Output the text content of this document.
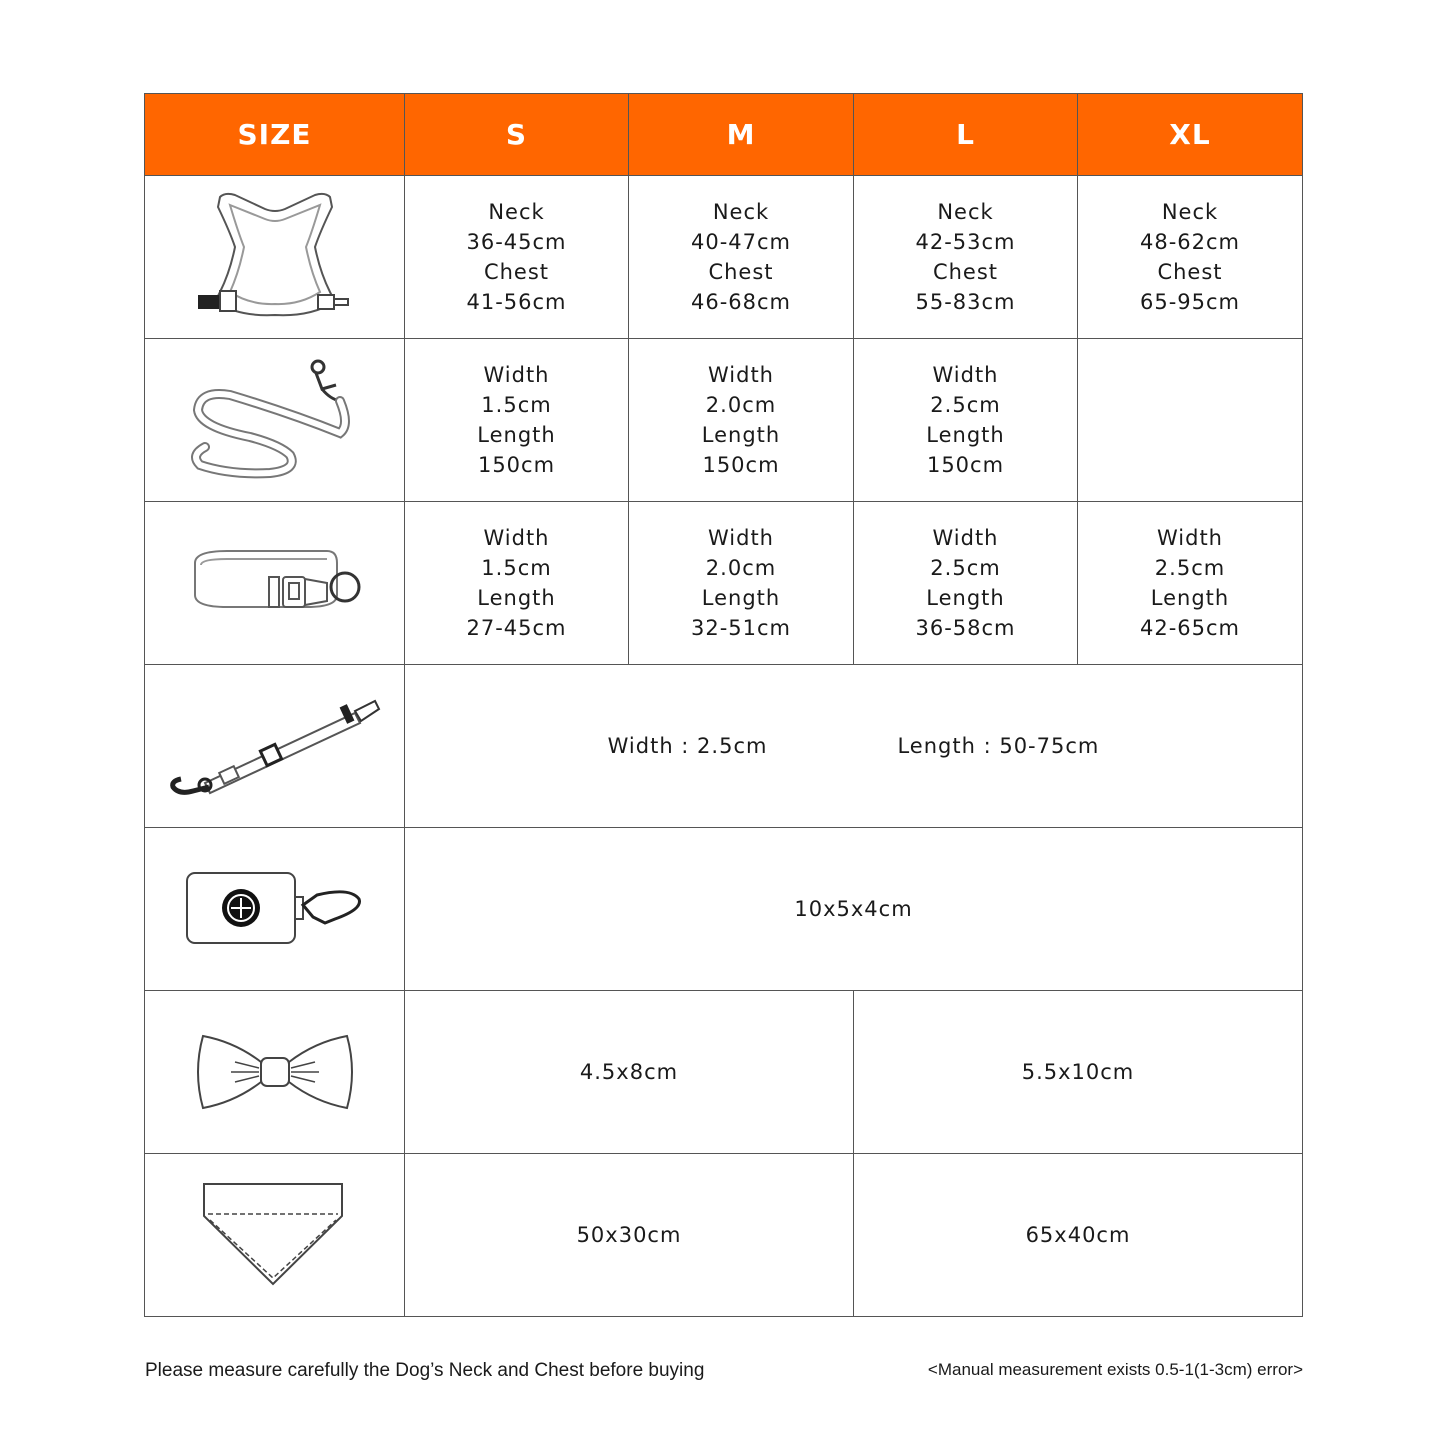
SIZE	S	M	L	XL

Neck
36-45cm
Chest
41-56cm	Neck
40-47cm
Chest
46-68cm	Neck
42-53cm
Chest
55-83cm	Neck
48-62cm
Chest
65-95cm

Width
1.5cm
Length
150cm	Width
2.0cm
Length
150cm	Width
2.5cm
Length
150cm	

Width
1.5cm
Length
27-45cm	Width
2.0cm
Length
32-51cm	Width
2.5cm
Length
36-58cm	Width
2.5cm
Length
42-65cm

	Width : 2.5cm Length : 50-75cm			

	10x5x4cm			

	4.5x8cm		5.5x10cm	

	50x30cm		65x40cm	
Please measure carefully the Dog’s Neck and Chest before buying	<Manual measurement exists 0.5-1(1-3cm) error>
